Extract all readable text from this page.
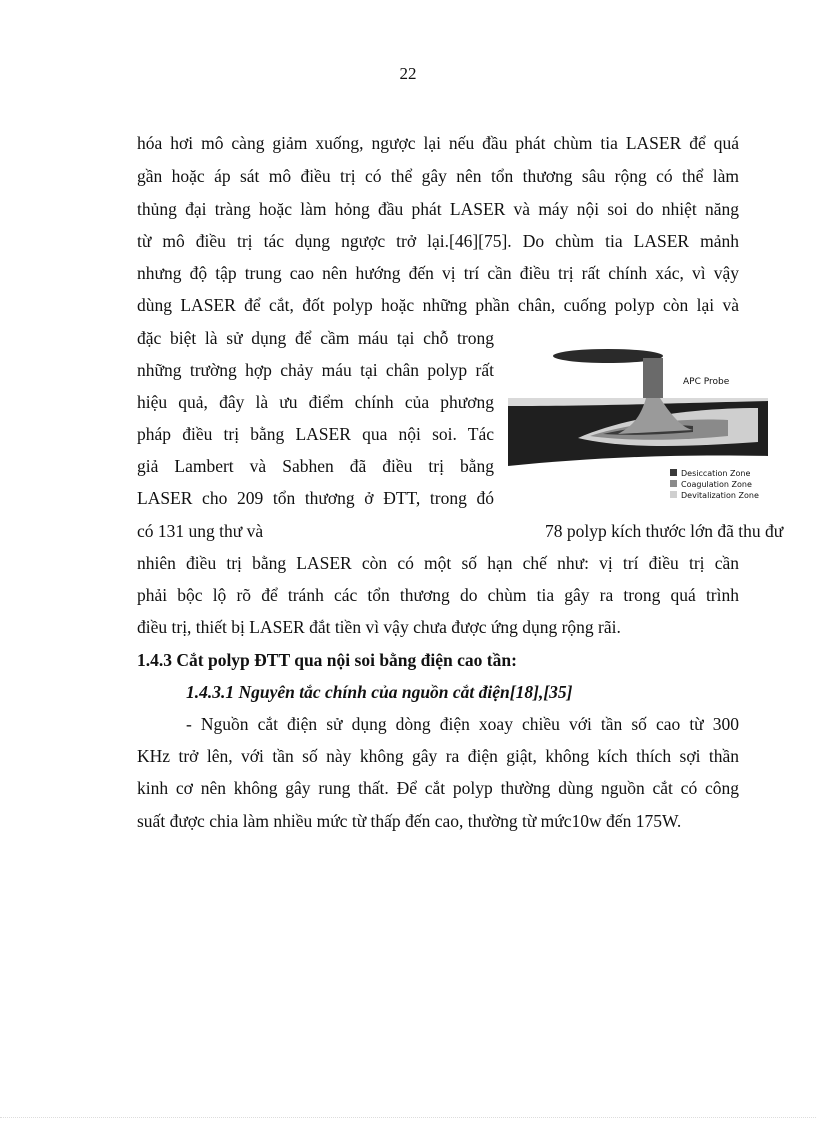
22
hóa hơi mô càng giảm xuống, ngược lại nếu đầu phát chùm tia LASER để quá
gần hoặc áp sát mô điều trị có thể gây nên tổn thương sâu rộng có thể làm
thủng đại tràng hoặc làm hỏng đầu phát LASER và máy nội soi do nhiệt năng
từ mô điều trị tác dụng ngược trở lại.[46][75]. Do chùm tia LASER mảnh
nhưng độ tập trung cao nên hướng đến vị trí cần điều trị rất chính xác, vì vậy
dùng LASER để cắt, đốt polyp hoặc những phần chân, cuống polyp còn lại và
đặc biệt là sử dụng để cầm máu tại chỗ trong
những trường hợp chảy máu tại chân polyp rất
hiệu quả, đây là ưu điểm chính của phương
pháp điều trị bằng LASER qua nội soi. Tác
giả Lambert và Sabhen đã điều trị bằng
LASER cho 209 tổn thương ở ĐTT, trong đó
có 131 ung thư và	78 polyp kích thước lớn đã thu đư
nhiên điều trị bằng LASER còn có một số hạn chế như: vị trí điều trị cần
phải bộc lộ rõ để tránh các tổn thương do chùm tia gây ra trong quá trình
điều trị, thiết bị LASER đắt tiền vì vậy chưa được ứng dụng rộng rãi.
1.4.3 Cắt polyp ĐTT qua nội soi bằng điện cao tần:
1.4.3.1 Nguyên tắc chính của nguồn cắt điện[18],[35]
- Nguồn cắt điện sử dụng dòng điện xoay chiều với tần số cao từ 300
KHz trở lên, với tần số này không gây ra điện giật, không kích thích sợi thần
kinh cơ nên không gây rung thất. Để cắt polyp thường dùng nguồn cắt có công
suất được chia làm nhiều mức từ thấp đến cao, thường từ mức10w đến 175W.
APC Probe
Desiccation Zone
Coagulation Zone
Devitalization Zone
